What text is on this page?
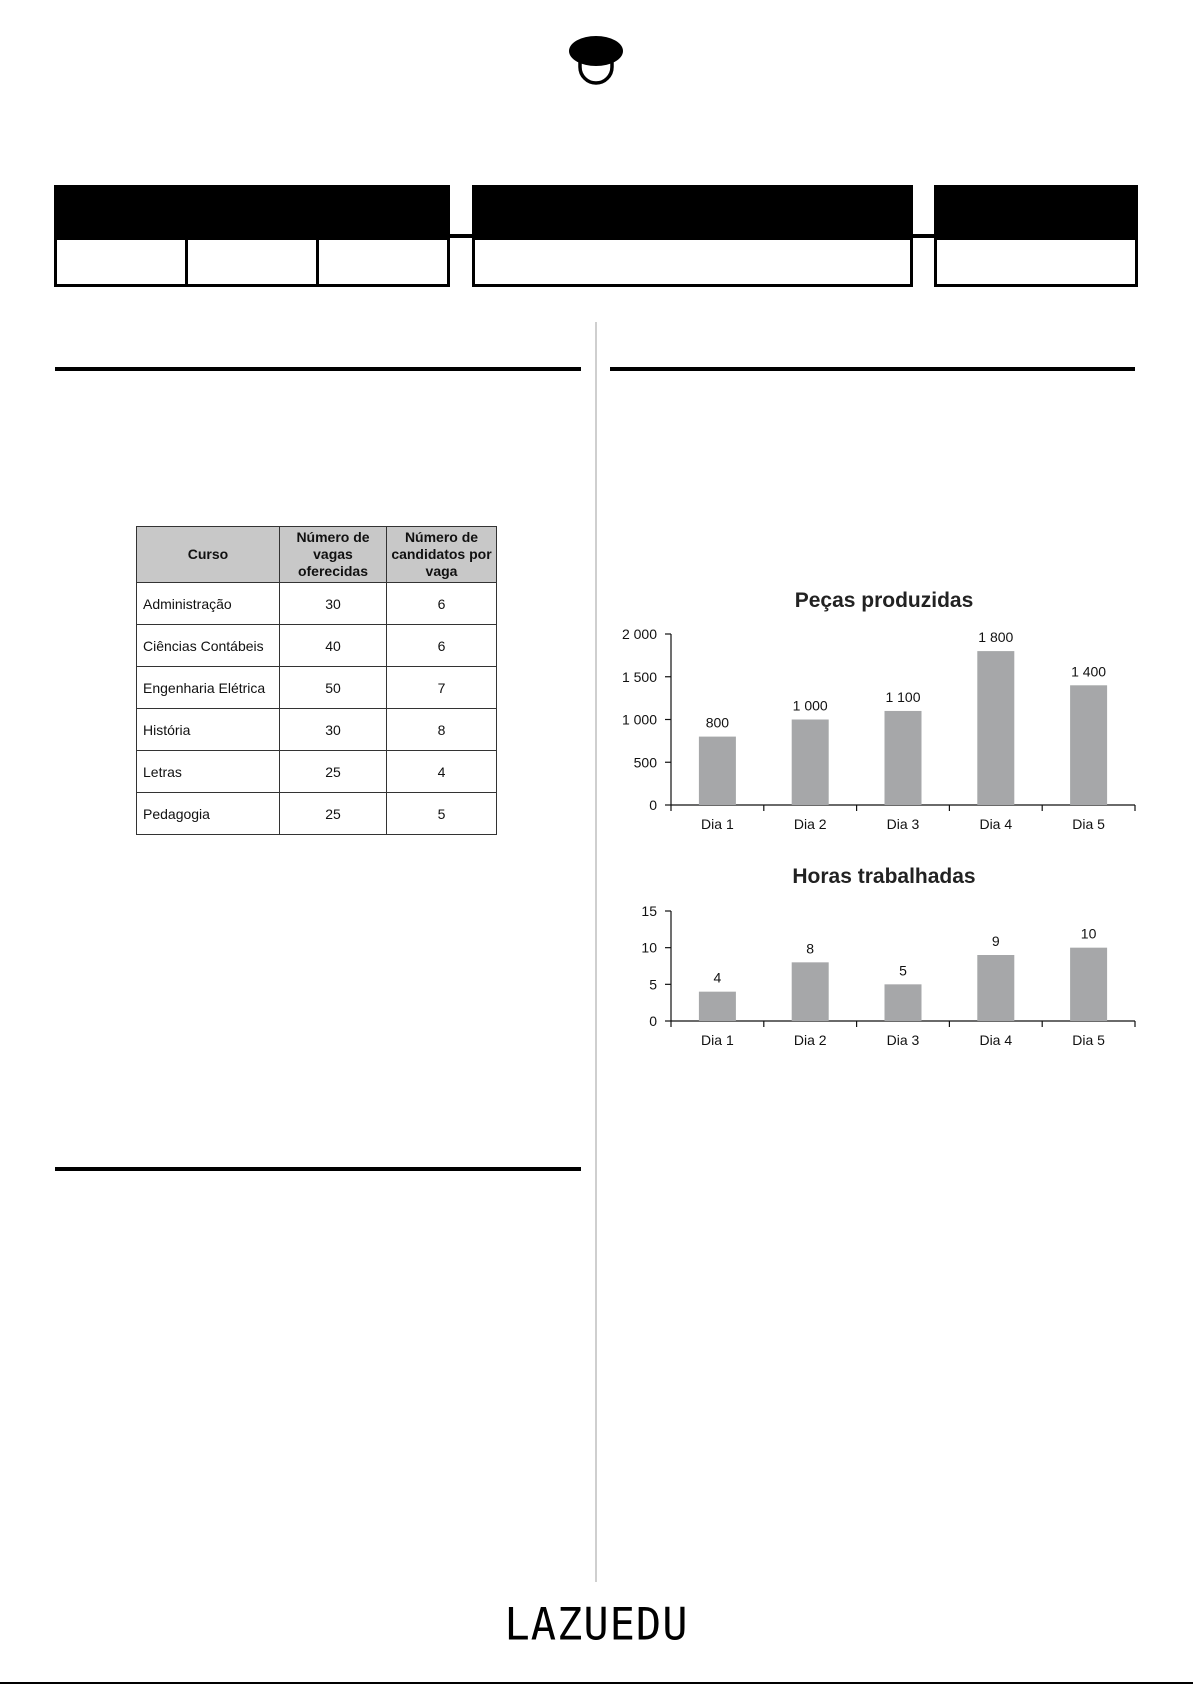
Curso	Número de vagas oferecidas	Número de candidatos por vaga
Administração	30	6
Ciências Contábeis	40	6
Engenharia Elétrica	50	7
História	30	8
Letras	25	4
Pedagogia	25	5
Peças produzidas
0
500
1 000
1 500
2 000
800
Dia 1
1 000
Dia 2
1 100
Dia 3
1 800
Dia 4
1 400
Dia 5
Horas trabalhadas
0
5
10
15
4
Dia 1
8
Dia 2
5
Dia 3
9
Dia 4
10
Dia 5
LAZUEDU
